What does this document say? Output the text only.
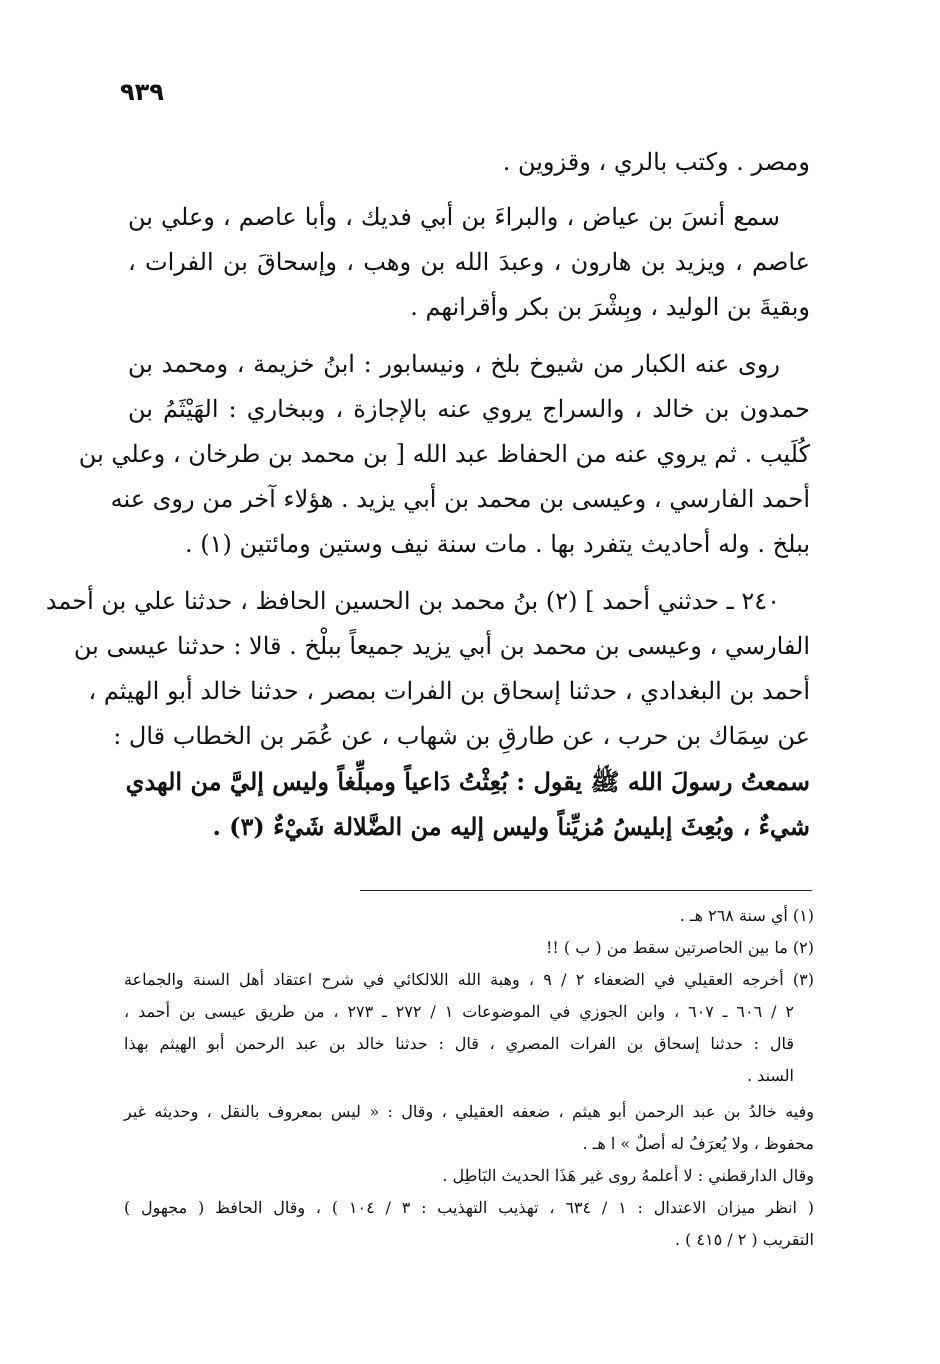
٩٣٩

ومصر . وكتب بالري ، وقزوين .

سمع أنسَ بن عياض ، والبراءَ بن أبي فديك ، وأبا عاصم ، وعلي بن
عاصم ، ويزيد بن هارون ، وعبدَ الله بن وهب ، وإسحاقَ بن الفرات ،
وبقيةَ بن الوليد ، وبِشْرَ بن بكر وأقرانهم .

روى عنه الكبار من شيوخ بلخ ، ونيسابور : ابنُ خزيمة ، ومحمد بن
حمدون بن خالد ، والسراج يروي عنه بالإجازة ، وببخاري : الهَيْثَمُ بن
كُلَيب . ثم يروي عنه من الحفاظ عبد الله [ بن محمد بن طرخان ، وعلي بن
أحمد الفارسي ، وعيسى بن محمد بن أبي يزيد . هؤلاء آخر من روى عنه
ببلخ . وله أحاديث يتفرد بها . مات سنة نيف وستين ومائتين (١) .

٢٤٠ ـ حدثني أحمد ] (٢) بنُ محمد بن الحسين الحافظ ، حدثنا علي بن أحمد
الفارسي ، وعيسى بن محمد بن أبي يزيد جميعاً ببلْخ . قالا : حدثنا عيسى بن
أحمد بن البغدادي ، حدثنا إسحاق بن الفرات بمصر ، حدثنا خالد أبو الهيثم ،
عن سِمَاك بن حرب ، عن طارقِ بن شهاب ، عن عُمَر بن الخطاب قال :
سمعتُ رسولَ الله ﷺ يقول : بُعِثْتُ دَاعياً ومبلِّغاً وليس إليَّ من الهدي
شيءٌ ، وبُعِثَ إبليسُ مُزيِّناً وليس إليه من الضَّلالة شَيْءٌ (٣) .

(١) أي سنة ٢٦٨ هـ .
(٢) ما بين الحاصرتين سقط من ( ب ) !!
(٣) أخرجه العقيلي في الضعفاء ٢ / ٩ ، وهبة الله اللالكائي في شرح اعتقاد أهل السنة والجماعة
٢ / ٦٠٦ ـ ٦٠٧ ، وابن الجوزي في الموضوعات ١ / ٢٧٢ ـ ٢٧٣ ، من طريق عيسى بن أحمد ،
قال : حدثنا إسحاق بن الفرات المصري ، قال : حدثنا خالد بن عبد الرحمن أبو الهيثم بهذا
السند .
وفيه خالدُ بن عبد الرحمن أبو هيثم ، ضعفه العقيلي ، وقال : « ليس بمعروف بالنقل ، وحديثه غير
محفوظ ، ولا يُعرَفُ له أصلٌ » ا هـ .
وقال الدارقطني : لا أعلمهُ روى غير هَذَا الحديث البَاطِل .
( انظر ميزان الاعتدال : ١ / ٦٣٤ ، تهذيب التهذيب : ٣ / ١٠٤ ) ، وقال الحافظ ( مجهول )
التقريب ( ٢ / ٤١٥ ) .
